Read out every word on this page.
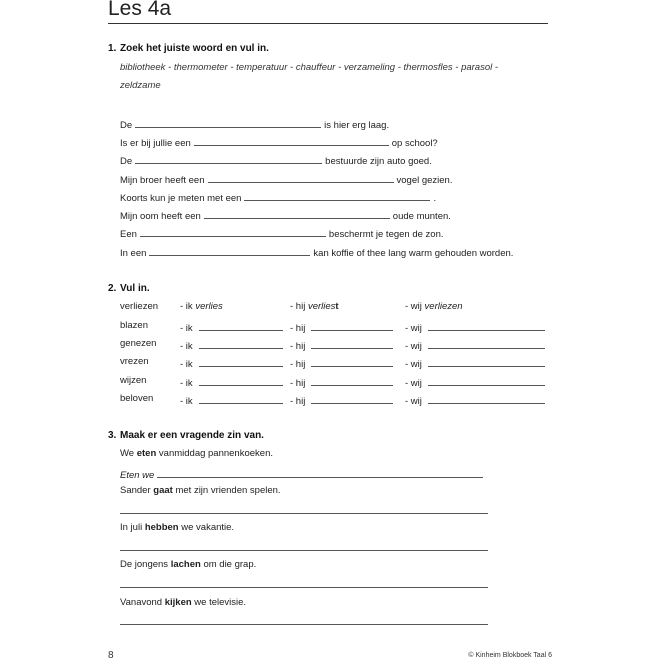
Les 4a
1. Zoek het juiste woord en vul in.
bibliotheek - thermometer - temperatuur - chauffeur - verzameling - thermosfles - parasol -
zeldzame
De	is hier erg laag.
Is er bij jullie een	op school?
De	bestuurde zijn auto goed.
Mijn broer heeft een	vogel gezien.
Koorts kun je meten met een	.
Mijn oom heeft een	oude munten.
Een	beschermt je tegen de zon.
In een	kan koffie of thee lang warm gehouden worden.
2. Vul in.
verliezen - ik verlies	- hij verliest	- wij verliezen
blazen	- ik	- hij	- wij
genezen - ik	- hij	- wij
vrezen	- ik	- hij	- wij
wijzen	- ik	- hij	- wij
beloven	- ik	- hij	- wij
3. Maak er een vragende zin van.
We eten vanmiddag pannenkoeken.
Eten we
Sander gaat met zijn vrienden spelen.
In juli hebben we vakantie.
De jongens lachen om die grap.
Vanavond kijken we televisie.
8	© Kinheim Blokboek Taal 6
